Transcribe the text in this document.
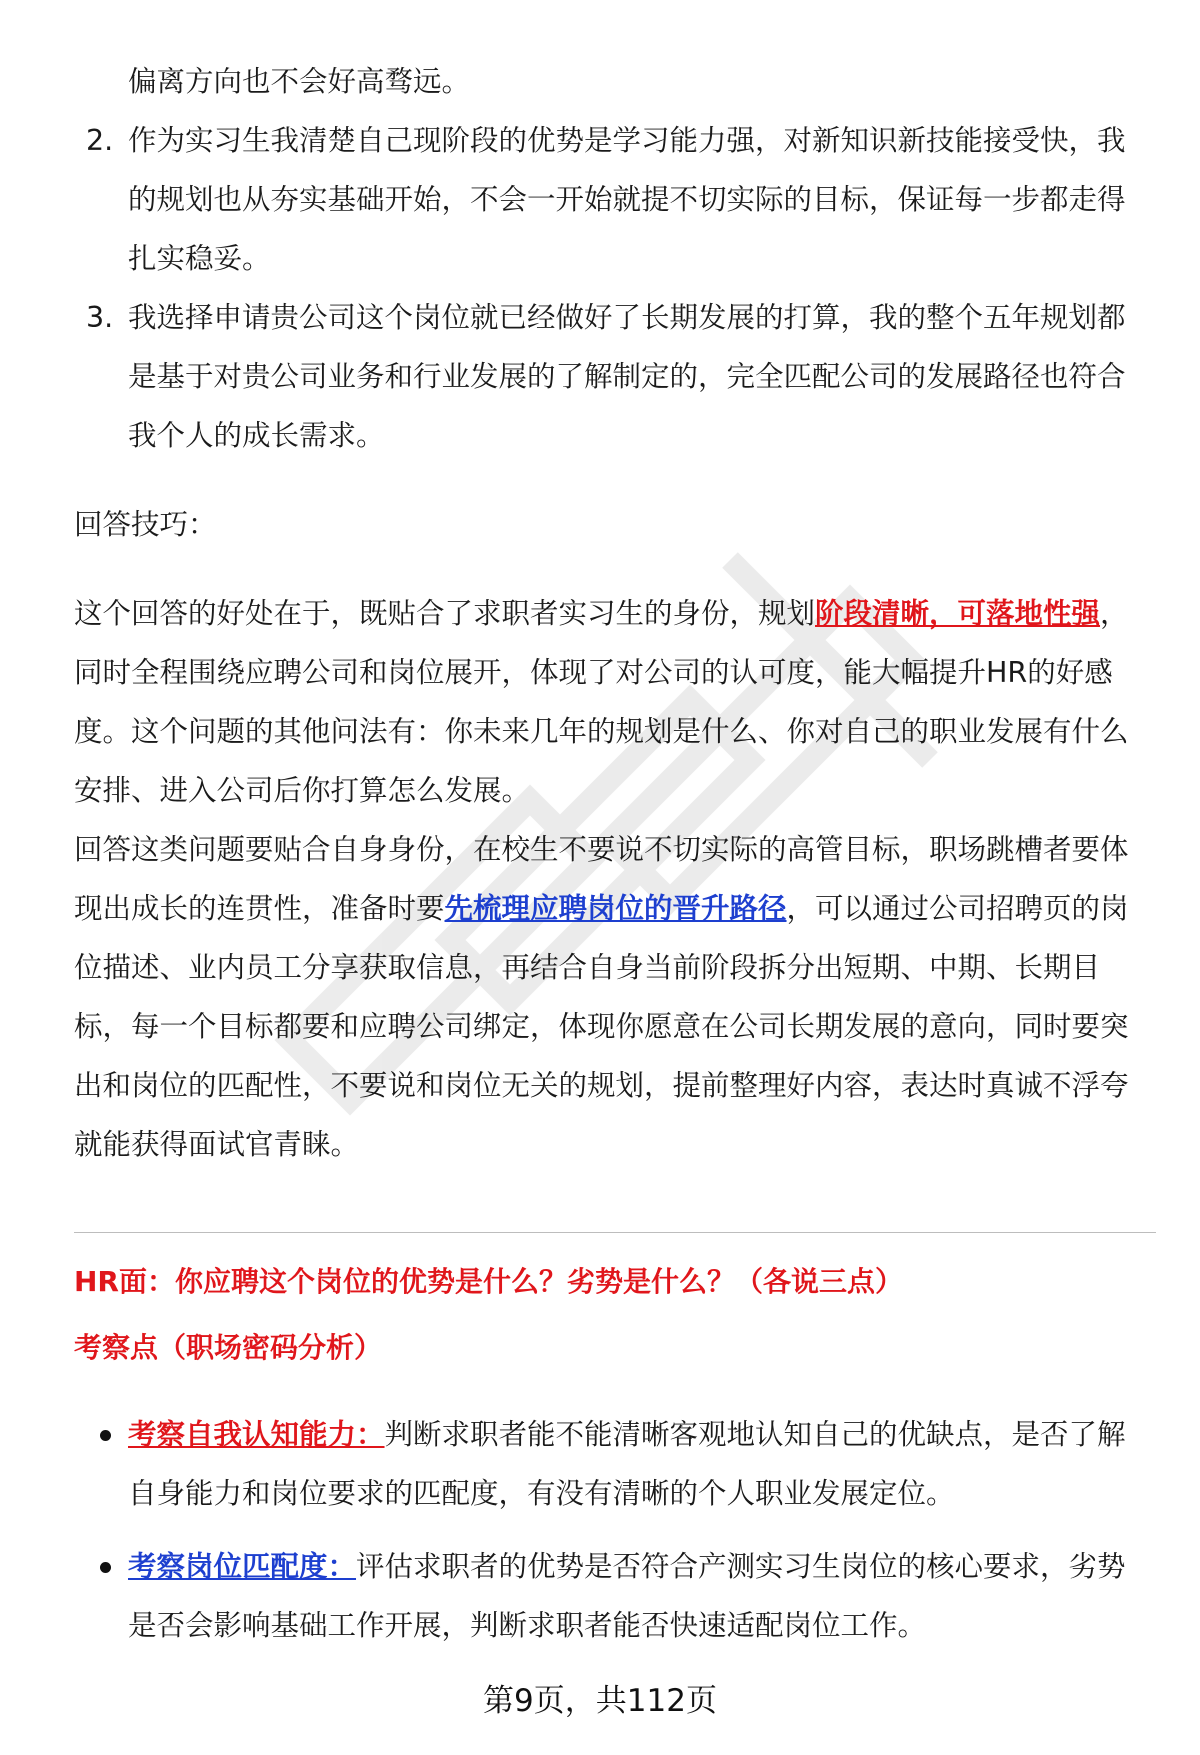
偏离方向也不会好高骛远。

2. 作为实习生我清楚自己现阶段的优势是学习能力强，对新知识新技能接受快，我的规划也从夯实基础开始，不会一开始就提不切实际的目标，保证每一步都走得扎实稳妥。
3. 我选择申请贵公司这个岗位就已经做好了长期发展的打算，我的整个五年规划都是基于对贵公司业务和行业发展的了解制定的，完全匹配公司的发展路径也符合我个人的成长需求。

回答技巧：

这个回答的好处在于，既贴合了求职者实习生的身份，规划阶段清晰，可落地性强，同时全程围绕应聘公司和岗位展开，体现了对公司的认可度，能大幅提升HR的好感度。这个问题的其他问法有：你未来几年的规划是什么、你对自己的职业发展有什么安排、进入公司后你打算怎么发展。

回答这类问题要贴合自身身份，在校生不要说不切实际的高管目标，职场跳槽者要体现出成长的连贯性，准备时要先梳理应聘岗位的晋升路径，可以通过公司招聘页的岗位描述、业内员工分享获取信息，再结合自身当前阶段拆分出短期、中期、长期目标，每一个目标都要和应聘公司绑定，体现你愿意在公司长期发展的意向，同时要突出和岗位的匹配性，不要说和岗位无关的规划，提前整理好内容，表达时真诚不浮夸就能获得面试官青睐。

HR面：你应聘这个岗位的优势是什么？劣势是什么？（各说三点）

考察点（职场密码分析）

考察自我认知能力：判断求职者能不能清晰客观地认知自己的优缺点，是否了解自身能力和岗位要求的匹配度，有没有清晰的个人职业发展定位。
考察岗位匹配度：评估求职者的优势是否符合产测实习生岗位的核心要求，劣势是否会影响基础工作开展，判断求职者能否快速适配岗位工作。
第9页，共112页
